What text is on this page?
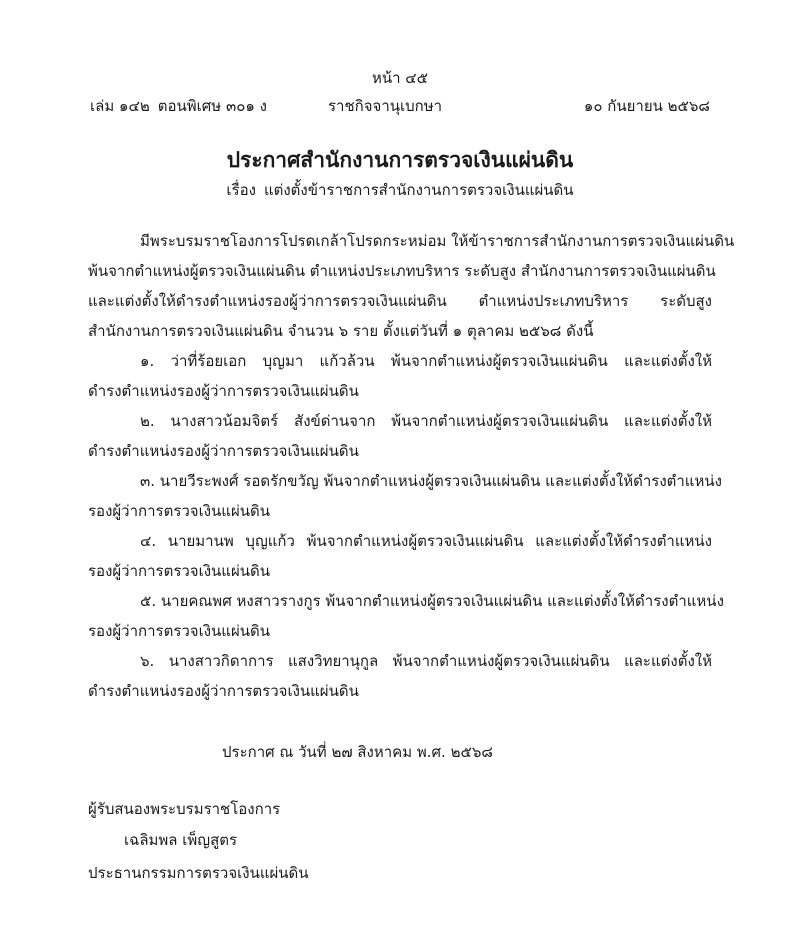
หน้า ๔๕
เล่ม ๑๔๒ ตอนพิเศษ ๓๐๑ ง	ราชกิจจานุเบกษา	๑๐ กันยายน ๒๕๖๘
ประกาศสำนักงานการตรวจเงินแผ่นดิน
เรื่อง แต่งตั้งข้าราชการสำนักงานการตรวจเงินแผ่นดิน
มีพระบรมราชโองการโปรดเกล้าโปรดกระหม่อม ให้ข้าราชการสำนักงานการตรวจเงินแผ่นดิน
พ้นจากตำแหน่งผู้ตรวจเงินแผ่นดิน ตำแหน่งประเภทบริหาร ระดับสูง สำนักงานการตรวจเงินแผ่นดิน
และแต่งตั้งให้ดำรงตำแหน่งรองผู้ว่าการตรวจเงินแผ่นดิน ตำแหน่งประเภทบริหาร ระดับสูง
สำนักงานการตรวจเงินแผ่นดิน จำนวน ๖ ราย ตั้งแต่วันที่ ๑ ตุลาคม ๒๕๖๘ ดังนี้
๑. ว่าที่ร้อยเอก บุญมา แก้วล้วน พ้นจากตำแหน่งผู้ตรวจเงินแผ่นดิน และแต่งตั้งให้
ดำรงตำแหน่งรองผู้ว่าการตรวจเงินแผ่นดิน
๒. นางสาวน้อมจิตร์ สังข์ด่านจาก พ้นจากตำแหน่งผู้ตรวจเงินแผ่นดิน และแต่งตั้งให้
ดำรงตำแหน่งรองผู้ว่าการตรวจเงินแผ่นดิน
๓. นายวีระพงศ์ รอดรักขวัญ พ้นจากตำแหน่งผู้ตรวจเงินแผ่นดิน และแต่งตั้งให้ดำรงตำแหน่ง
รองผู้ว่าการตรวจเงินแผ่นดิน
๔. นายมานพ บุญแก้ว พ้นจากตำแหน่งผู้ตรวจเงินแผ่นดิน และแต่งตั้งให้ดำรงตำแหน่ง
รองผู้ว่าการตรวจเงินแผ่นดิน
๕. นายคณพศ หงสาวรางกูร พ้นจากตำแหน่งผู้ตรวจเงินแผ่นดิน และแต่งตั้งให้ดำรงตำแหน่ง
รองผู้ว่าการตรวจเงินแผ่นดิน
๖. นางสาวกิดาการ แสงวิทยานุกูล พ้นจากตำแหน่งผู้ตรวจเงินแผ่นดิน และแต่งตั้งให้
ดำรงตำแหน่งรองผู้ว่าการตรวจเงินแผ่นดิน
ประกาศ ณ วันที่ ๒๗ สิงหาคม พ.ศ. ๒๕๖๘
ผู้รับสนองพระบรมราชโองการ
เฉลิมพล เพ็ญสูตร
ประธานกรรมการตรวจเงินแผ่นดิน
